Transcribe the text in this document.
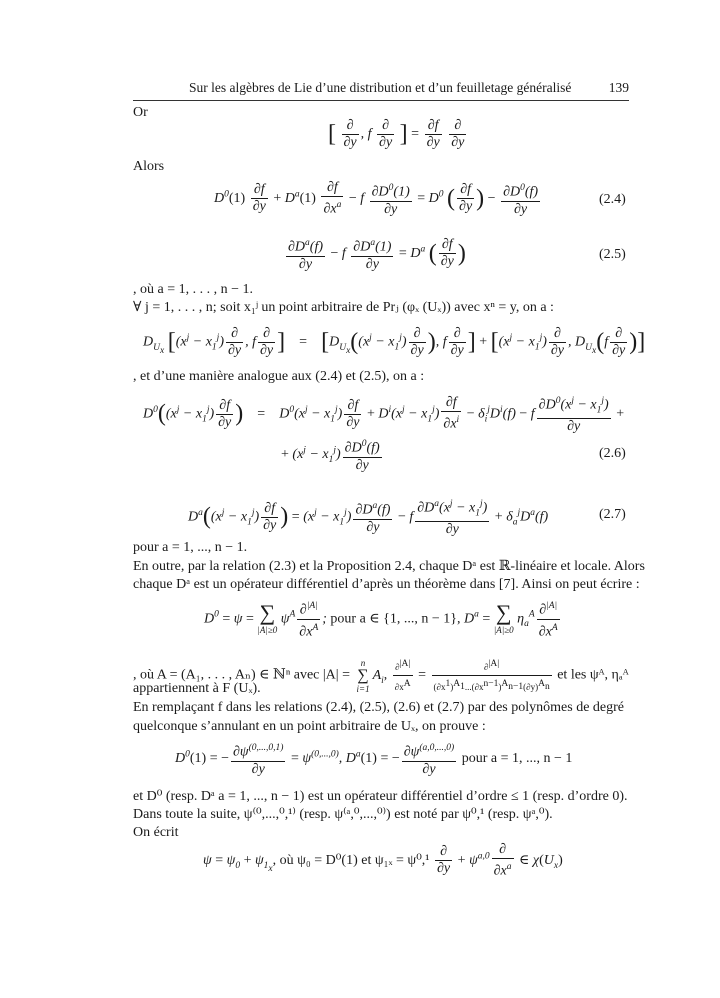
Sur les algèbres de Lie d’une distribution et d’un feuilletage généralisé	139
Or
[ $\frac{\partial}{\partial y}$ , f $\frac{\partial}{\partial y}$ ] = $\frac{\partial f}{\partial y}$
$\frac{\partial}{\partial y}$
Alors
$D^0(1) \frac{\partial f}{\partial y} + D^a(1) \frac{\partial f}{\partial x^a} - f \frac{\partial D^0(1)}{\partial y} = D^0$ ( $\frac{\partial f}{\partial y}$ ) − $\frac{\partial D^0(f)}{\partial y}$	(2.4)
$\frac{\partial D^a(f)}{\partial y} - f \frac{\partial D^a(1)}{\partial y} = D^a$ ( $\frac{\partial f}{\partial y}$ )	(2.5)
, où a = 1, . . . , n − 1.
∀ j = 1, . . . , n; soit x₁ʲ un point arbitraire de Prⱼ (φₓ (Uₓ)) avec xⁿ = y, on a :
$D_{U_x}$ [$(x^j - x_1^j) \frac{\partial}{\partial y}$ , f $\frac{\partial}{\partial y}$ ]    =    [$D_{U_x}((x^j - x_1^j) \frac{\partial}{\partial y}$ ), f $\frac{\partial}{\partial y}$ ] + [$(x^j - x_1^j) \frac{\partial}{\partial y}$ , $D_{U_x}(f \frac{\partial}{\partial y}$ )]
, et d’une manière analogue aux (2.4) et (2.5), on a :
$D^0((x^j - x_1^j) \frac{\partial f}{\partial y}$ )    =    $D^0(x^j - x_1^j) \frac{\partial f}{\partial y} + D^i(x^j - x_1^j) \frac{\partial f}{\partial x^i} - \delta_i^jD^i(f) - f \frac{\partial D^0(x^j - x_1^j)}{\partial y}$ +
+ $(x^j - x_1^j) \frac{\partial D^0(f)}{\partial y}$	(2.6)
$D^a((x^j - x_1^j) \frac{\partial f}{\partial y}$ ) = $(x^j - x_1^j) \frac{\partial D^a(f)}{\partial y} - f \frac{\partial D^a(x^j - x_1^j)}{\partial y} + \delta_a^jD^a(f)$	(2.7)
pour a = 1, ..., n − 1.
En outre, par la relation (2.3) et la Proposition 2.4, chaque Dᵃ est ℝ-linéaire et locale. Alors
chaque Dᵃ est un opérateur différentiel d’après un théorème dans [7]. Ainsi on peut écrire :
$D^0 = \psi$ = ∑
|A|≥0
$\psi^A \frac{\partial^{|A|}}{\partial x^A}$ ; pour a ∈ {1, ..., n − 1}, $D^a$ = ∑
|A|≥0
$\eta_a^A \frac{\partial^{|A|}}{\partial x^A}$
, où A = (A₁, . . . , Aₙ) ∈ ℕⁿ avec |A| =
n
∑
i=1
$A_i$, $\frac{\partial^{|A|}}{\partial x^A} = \frac{\partial^{|A|}}{(\partial x^1)^{A_1}...(\partial x^{n-1})^{A_{n-1}}(\partial y)^{A_n}}$ et les ψᴬ, ηₐᴬ
appartiennent à F (Uₓ).
En remplaçant f dans les relations (2.4), (2.5), (2.6) et (2.7) par des polynômes de degré
quelconque s’annulant en un point arbitraire de Uₓ, on prouve :
$D^0(1)$ = − $\frac{\partial\psi^{(0,...,0,1)}}{\partial y} = \psi^{(0,...,0)}$, $D^a(1)$ = − $\frac{\partial\psi^{(a,0,...,0)}}{\partial y}$ pour a = 1, ..., n − 1
et D⁰ (resp. Dᵃ a = 1, ..., n − 1) est un opérateur différentiel d’ordre ≤ 1 (resp. d’ordre 0).
Dans toute la suite, ψ⁽⁰,...,⁰,¹⁾ (resp. ψ⁽ᵃ,⁰,...,⁰⁾) est noté par ψ⁰,¹ (resp. ψᵃ,⁰).
On écrit
$\psi = \psi_0 + \psi_{1_x}$, où ψ₀ = D⁰(1) et $\psi_{1x} = \psi^0,^1 \frac{\partial}{\partial y} + \psi^{a,0} \frac{\partial}{\partial x^a}$ ∈ $\chi(U_x)$
